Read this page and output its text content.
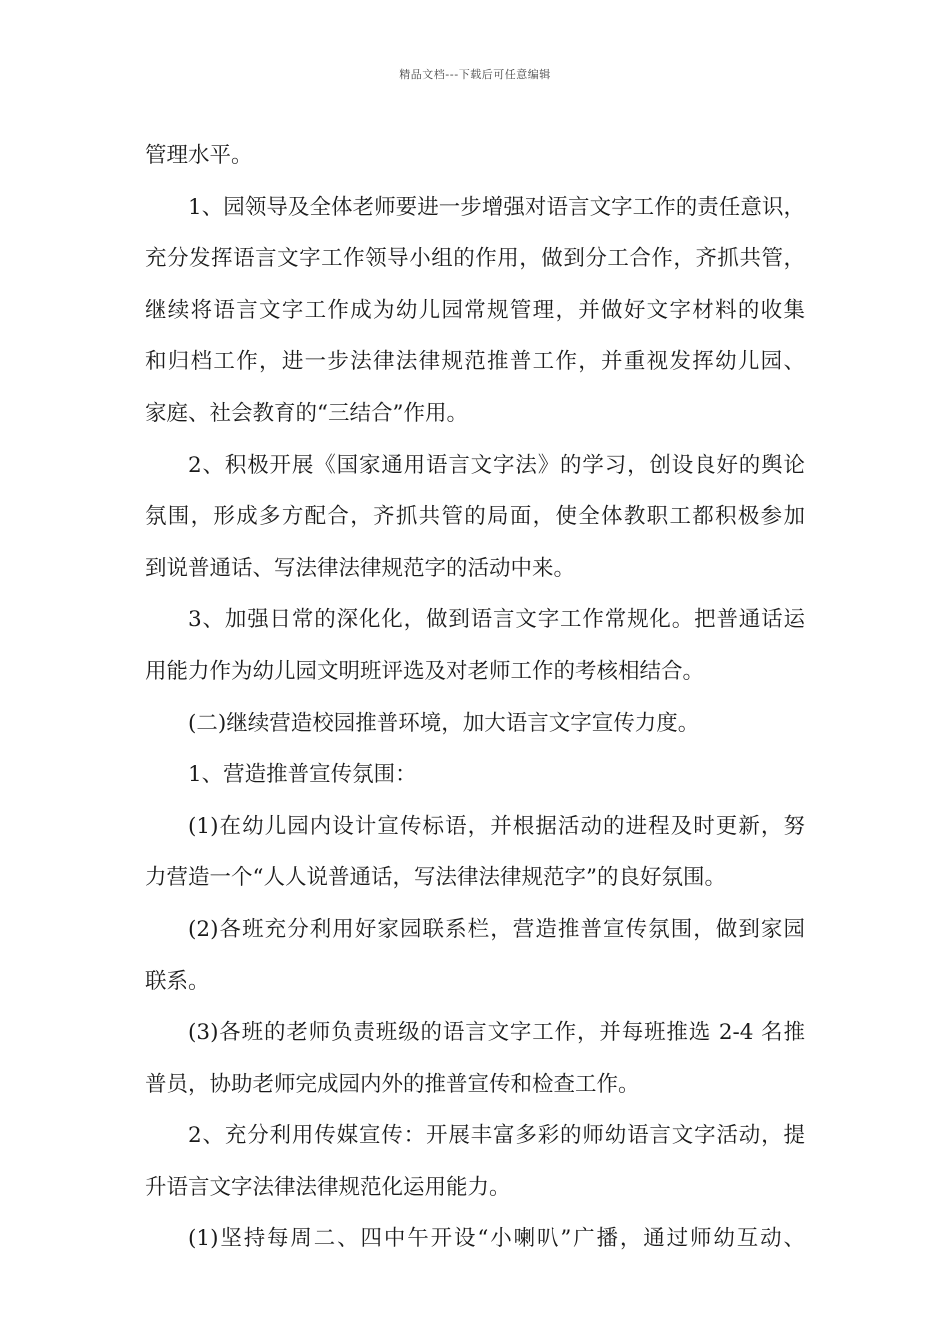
精品文档---下载后可任意编辑
管理水平。
1、园领导及全体老师要进一步增强对语言文字工作的责任意识，
充分发挥语言文字工作领导小组的作用，做到分工合作，齐抓共管，
继续将语言文字工作成为幼儿园常规管理，并做好文字材料的收集
和归档工作，进一步法律法律规范推普工作，并重视发挥幼儿园、
家庭、社会教育的“三结合”作用。
2、积极开展《国家通用语言文字法》的学习，创设良好的舆论
氛围，形成多方配合，齐抓共管的局面，使全体教职工都积极参加
到说普通话、写法律法律规范字的活动中来。
3、加强日常的深化化，做到语言文字工作常规化。把普通话运
用能力作为幼儿园文明班评选及对老师工作的考核相结合。
(二)继续营造校园推普环境，加大语言文字宣传力度。
1、营造推普宣传氛围：
(1)在幼儿园内设计宣传标语，并根据活动的进程及时更新，努
力营造一个“人人说普通话，写法律法律规范字”的良好氛围。
(2)各班充分利用好家园联系栏，营造推普宣传氛围，做到家园
联系。
(3)各班的老师负责班级的语言文字工作，并每班推选 2-4 名推
普员，协助老师完成园内外的推普宣传和检查工作。
2、充分利用传媒宣传：开展丰富多彩的师幼语言文字活动，提
升语言文字法律法律规范化运用能力。
(1)坚持每周二、四中午开设“小喇叭”广播，通过师幼互动、
